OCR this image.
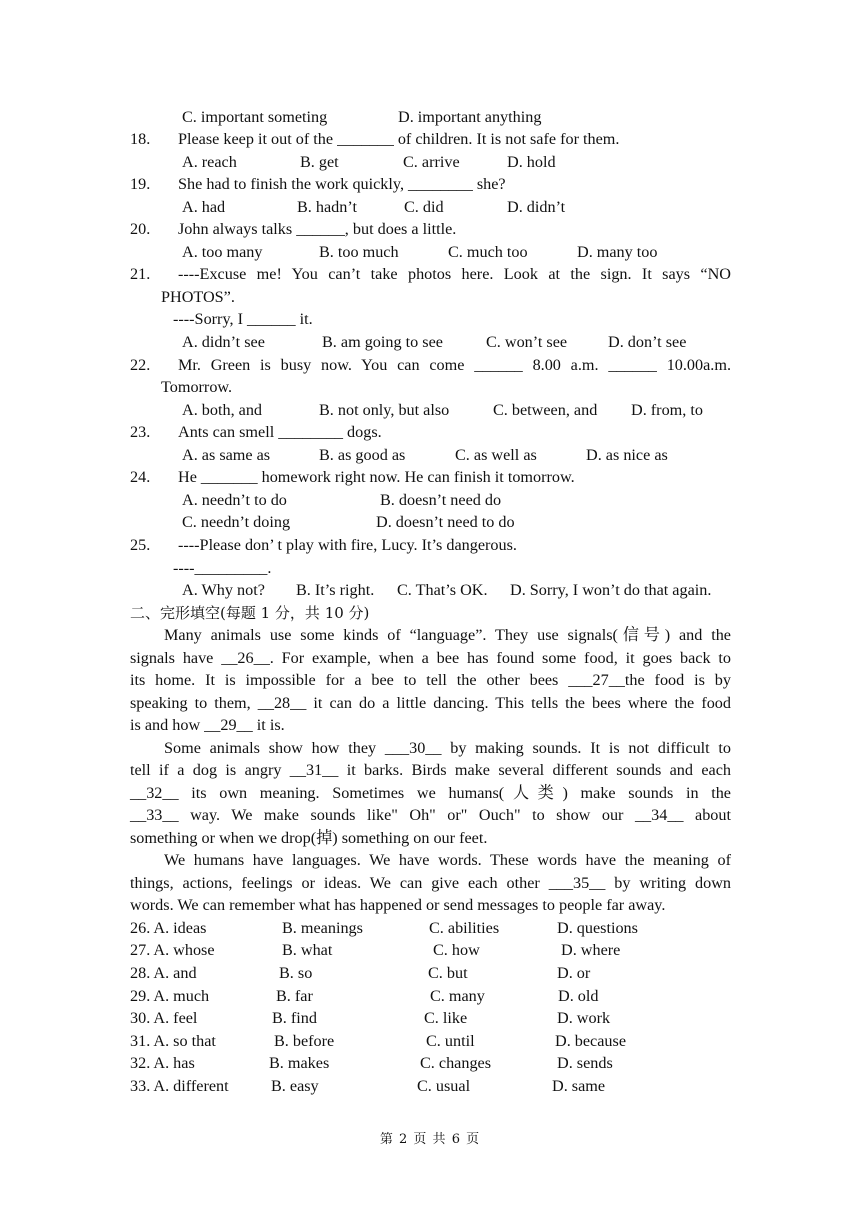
C. important someting	D. important anything
18. Please keep it out of the _______ of children. It is not safe for them.
A. reach	B. get	C. arrive	D. hold
19. She had to finish the work quickly, ________ she?
A. had	B. hadn’t	C. did	D. didn’t
20. John always talks ______, but does a little.
A. too many	B. too much	C. much too	D. many too
21. ----Excuse me! You can’t take photos here. Look at the sign. It says “NO
PHOTOS”.
----Sorry, I ______ it.
A. didn’t see	B. am going to see	C. won’t see	D. don’t see
22. Mr. Green is busy now. You can come ______ 8.00 a.m. ______ 10.00a.m.
Tomorrow.
A. both, and	B. not only, but also	C. between, and D. from, to
23. Ants can smell ________ dogs.
A. as same as	B. as good as	C. as well as	D. as nice as
24. He _______ homework right now. He can finish it tomorrow.
A. needn’t to do	B. doesn’t need do
C. needn’t doing	D. doesn’t need to do
25. ----Please don’ t play with fire, Lucy. It’s dangerous.
----_________.
A. Why not? B. It’s right. C. That’s OK. D. Sorry, I won’t do that again.
二、完形填空(每题 1 分，共 10 分)
Many animals use some kinds of “language”. They use signals(信号) and the
signals have __26__. For example, when a bee has found some food, it goes back to
its home. It is impossible for a bee to tell the other bees ___27__the food is by
speaking to them, __28__ it can do a little dancing. This tells the bees where the food
is and how __29__ it is.
Some animals show how they ___30__ by making sounds. It is not difficult to
tell if a dog is angry __31__ it barks. Birds make several different sounds and each
__32__ its own meaning. Sometimes we humans(人类) make sounds in the
__33__ way. We make sounds like" Oh" or" Ouch" to show our __34__ about
something or when we drop(掉) something on our feet.
We humans have languages. We have words. These words have the meaning of
things, actions, feelings or ideas. We can give each other ___35__ by writing down
words. We can remember what has happened or send messages to people far away.
26. A. ideas	B. meanings	C. abilities	D. questions
27. A. whose	B. what	C. how	D. where
28. A. and	B. so	C. but	D. or
29. A. much	B. far	C. many	D. old
30. A. feel	B. find	C. like	D. work
31. A. so that	B. before	C. until	D. because
32. A. has	B. makes	C. changes	D. sends
33. A. different	B. easy	C. usual	D. same
第 2 页 共 6 页
